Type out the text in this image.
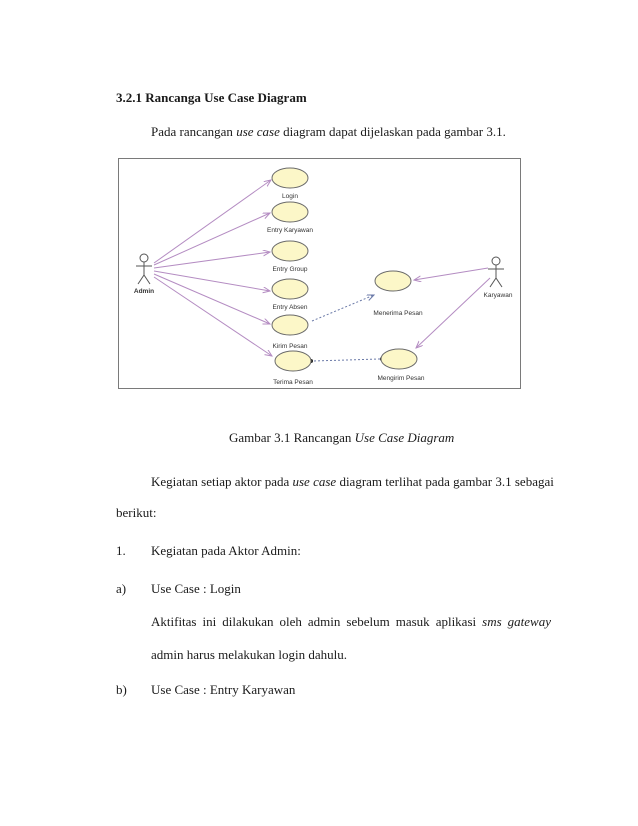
3.2.1 Rancanga Use Case Diagram
Pada rancangan use case diagram dapat dijelaskan pada gambar 3.1.
Login
Entry Karyawan
Entry Group
Entry Absen
Kirim Pesan
Terima Pesan
Menerima Pesan
Mengirim Pesan
Admin
Karyawan
Gambar 3.1 Rancangan Use Case Diagram
Kegiatan setiap aktor pada use case diagram terlihat pada gambar 3.1 sebagai
berikut:
1. Kegiatan pada Aktor Admin:
a) Use Case : Login
Aktifitas ini dilakukan oleh admin sebelum masuk aplikasi sms gateway
admin harus melakukan login dahulu.
b) Use Case : Entry Karyawan
